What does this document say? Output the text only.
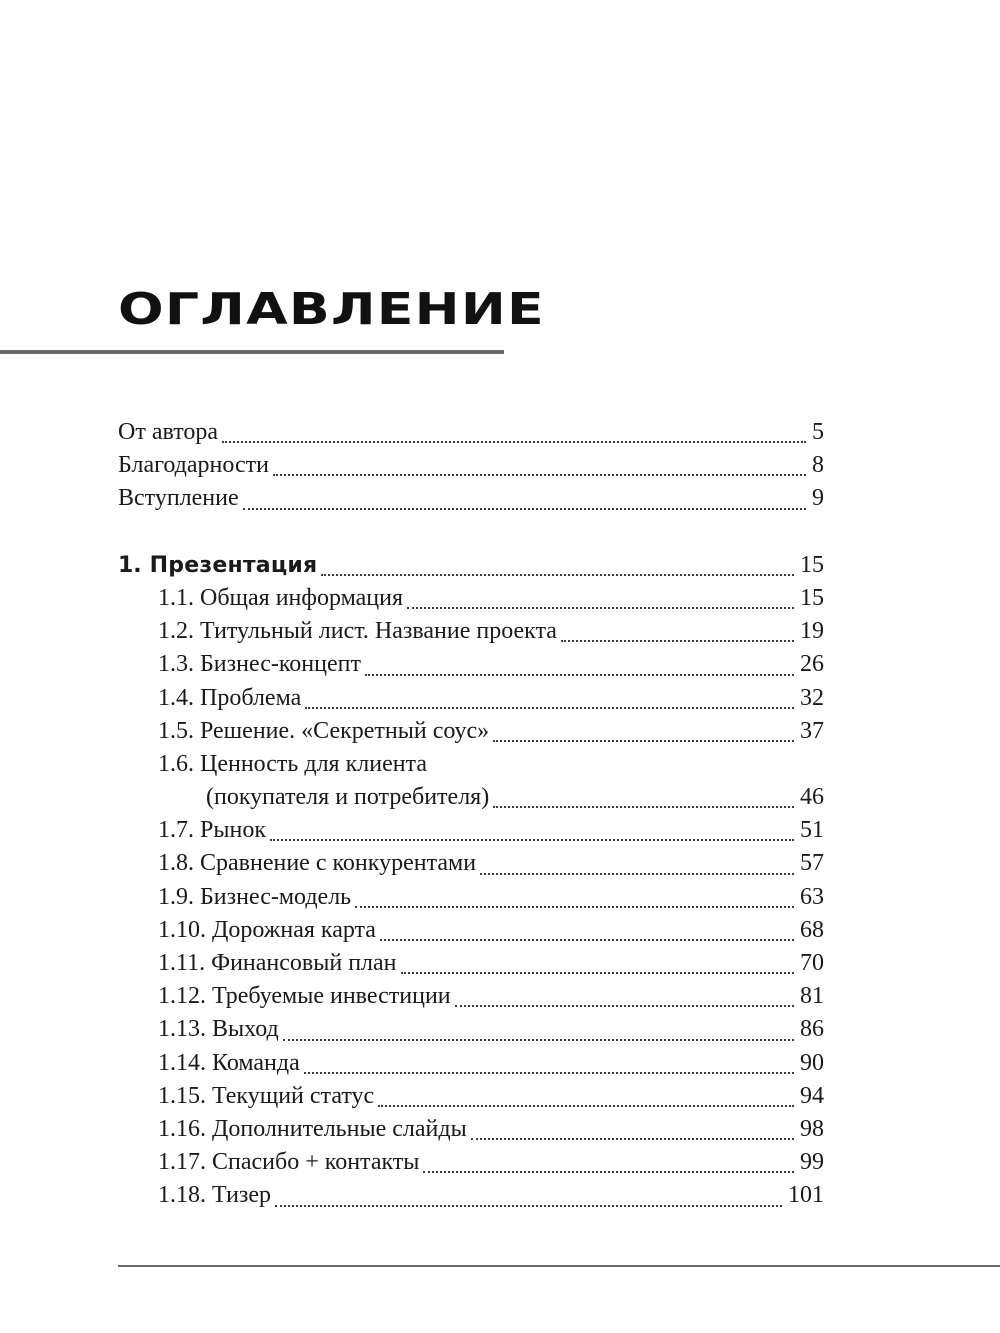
ОГЛАВЛЕНИЕ
От автора	5
Благодарности	8
Вступление	9
1. Презентация	15
1.1. Общая информация	15
1.2. Титульный лист. Название проекта	19
1.3. Бизнес-концепт	26
1.4. Проблема	32
1.5. Решение. «Секретный соус»	37
1.6. Ценность для клиента
(покупателя и потребителя)	46
1.7. Рынок	51
1.8. Сравнение с конкурентами	57
1.9. Бизнес-модель	63
1.10. Дорожная карта	68
1.11. Финансовый план	70
1.12. Требуемые инвестиции	81
1.13. Выход	86
1.14. Команда	90
1.15. Текущий статус	94
1.16. Дополнительные слайды	98
1.17. Спасибо + контакты	99
1.18. Тизер	101
